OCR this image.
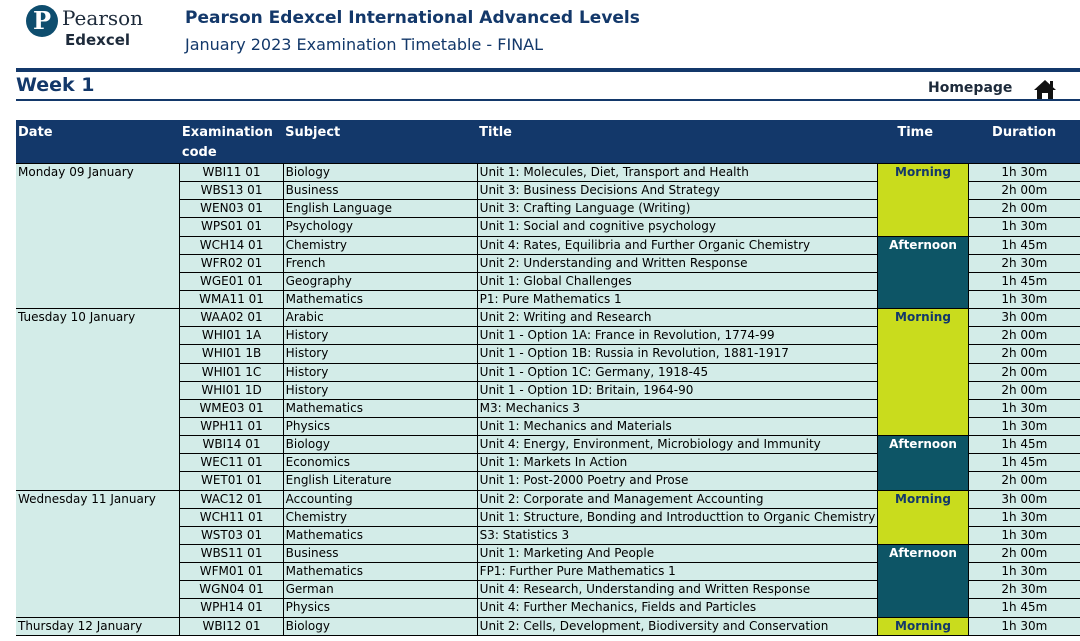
P Pearson
Edexcel
Pearson Edexcel International Advanced Levels
January 2023 Examination Timetable - FINAL
Week 1	Homepage
Date	Examination code	Subject	Title	Time		Duration
Monday 09 January	WBI11 01	Biology	Unit 1: Molecules, Diet, Transport and Health	Morning		1h 30m
	WBS13 01	Business	Unit 3: Business Decisions And Strategy			2h 00m
	WEN03 01	English Language	Unit 3: Crafting Language (Writing)			2h 00m
	WPS01 01	Psychology	Unit 1: Social and cognitive psychology			1h 30m
	WCH14 01	Chemistry	Unit 4: Rates, Equilibria and Further Organic Chemistry	Afternoon		1h 45m
	WFR02 01	French	Unit 2: Understanding and Written Response			2h 30m
	WGE01 01	Geography	Unit 1: Global Challenges			1h 45m
	WMA11 01	Mathematics	P1: Pure Mathematics 1			1h 30m
Tuesday 10 January	WAA02 01	Arabic	Unit 2: Writing and Research	Morning		3h 00m
	WHI01 1A	History	Unit 1 - Option 1A: France in Revolution, 1774-99			2h 00m
	WHI01 1B	History	Unit 1 - Option 1B: Russia in Revolution, 1881-1917			2h 00m
	WHI01 1C	History	Unit 1 - Option 1C: Germany, 1918-45			2h 00m
	WHI01 1D	History	Unit 1 - Option 1D: Britain, 1964-90			2h 00m
	WME03 01	Mathematics	M3: Mechanics 3			1h 30m
	WPH11 01	Physics	Unit 1: Mechanics and Materials			1h 30m
	WBI14 01	Biology	Unit 4: Energy, Environment, Microbiology and Immunity	Afternoon		1h 45m
	WEC11 01	Economics	Unit 1: Markets In Action			1h 45m
	WET01 01	English Literature	Unit 1: Post-2000 Poetry and Prose			2h 00m
Wednesday 11 January	WAC12 01	Accounting	Unit 2: Corporate and Management Accounting	Morning		3h 00m
	WCH11 01	Chemistry	Unit 1: Structure, Bonding and Introducttion to Organic Chemistry			1h 30m
	WST03 01	Mathematics	S3: Statistics 3			1h 30m
	WBS11 01	Business	Unit 1: Marketing And People	Afternoon		2h 00m
	WFM01 01	Mathematics	FP1: Further Pure Mathematics 1			1h 30m
	WGN04 01	German	Unit 4: Research, Understanding and Written Response			2h 30m
	WPH14 01	Physics	Unit 4: Further Mechanics, Fields and Particles			1h 45m
Thursday 12 January	WBI12 01	Biology	Unit 2: Cells, Development, Biodiversity and Conservation	Morning		1h 30m
